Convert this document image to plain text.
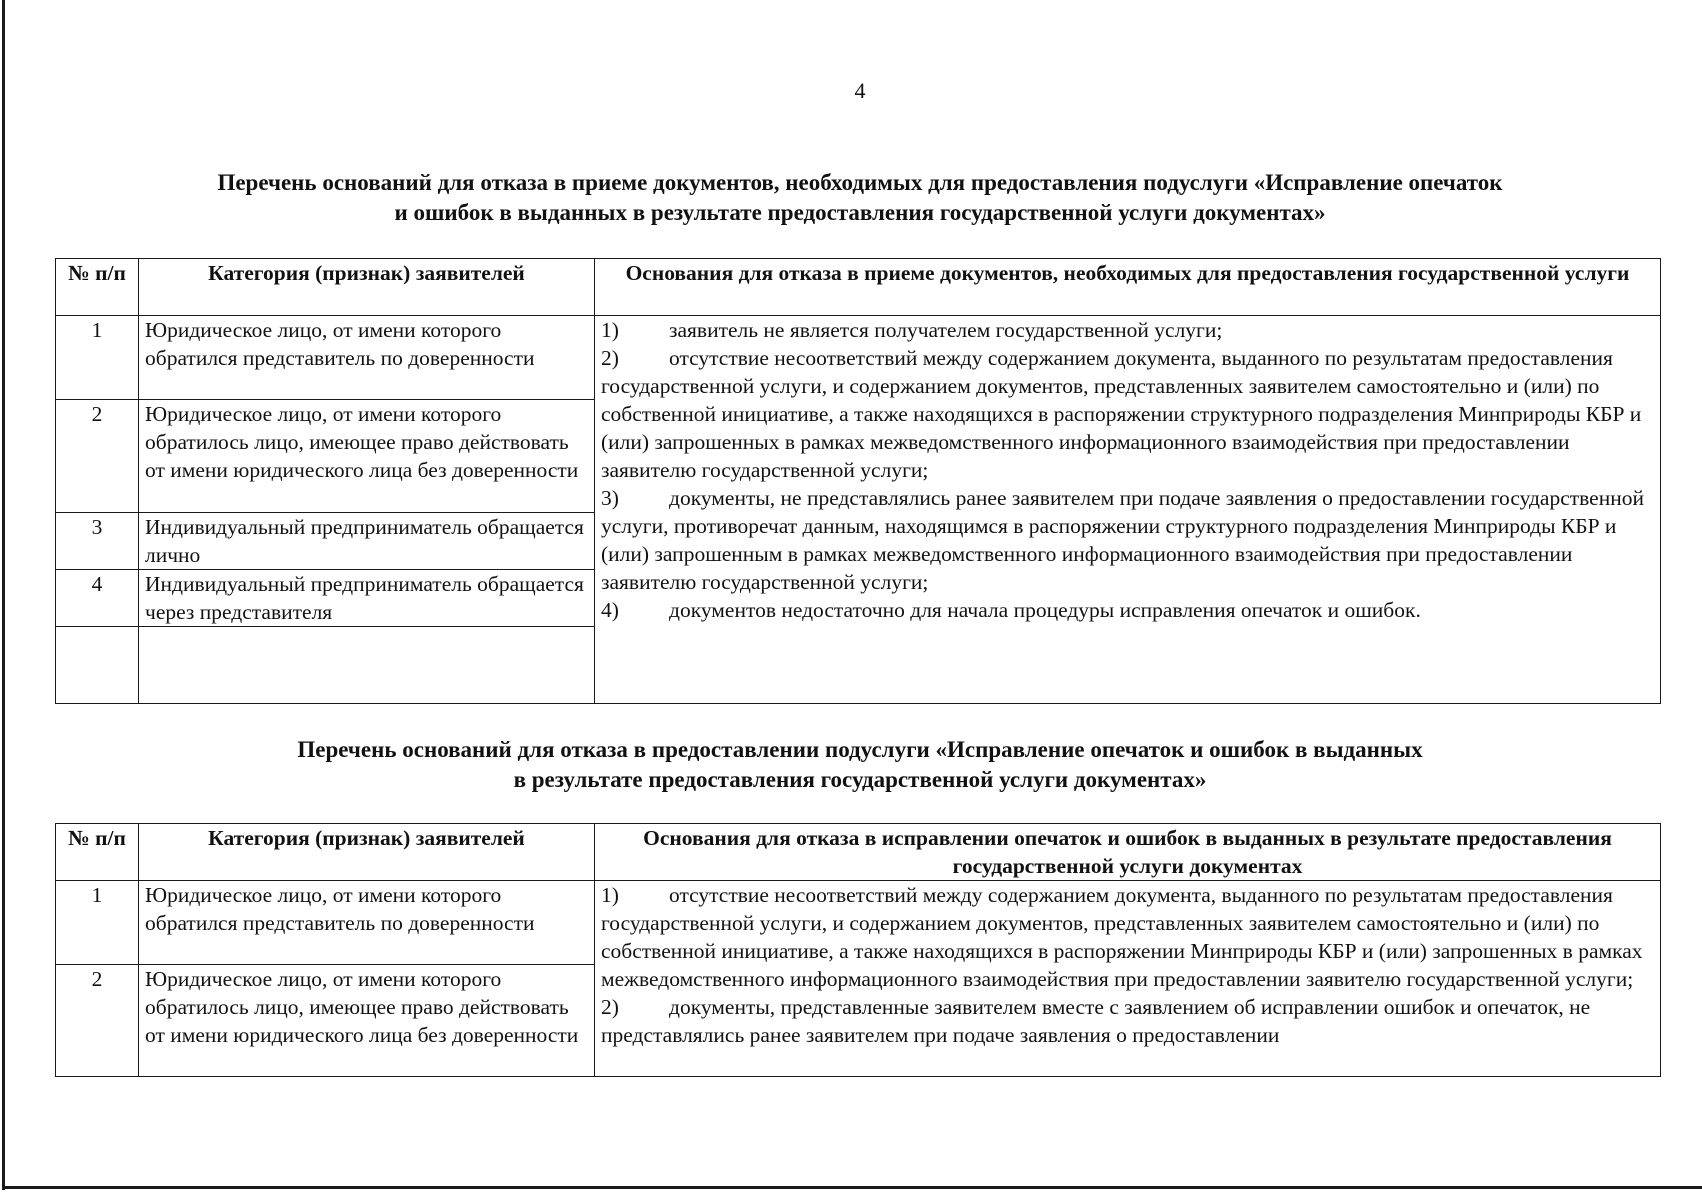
4
Перечень оснований для отказа в приеме документов, необходимых для предоставления подуслуги «Исправление опечаток
и ошибок в выданных в результате предоставления государственной услуги документах»
№ п/п	Категория (признак) заявителей	Основания для отказа в приеме документов, необходимых для предоставления государственной услуги
1	Юридическое лицо, от имени которого обратился представитель по доверенности	1) заявитель не является получателем государственной услуги;
2) отсутствие несоответствий между содержанием документа, выданного по результатам предоставления государственной услуги, и содержанием документов, представленных заявителем самостоятельно и (или) по собственной инициативе, а также находящихся в распоряжении структурного подразделения Минприроды КБР и (или) запрошенных в рамках межведомственного информационного взаимодействия при предоставлении заявителю государственной услуги;
3) документы, не представлялись ранее заявителем при подаче заявления о предоставлении государственной услуги, противоречат данным, находящимся в распоряжении структурного подразделения Минприроды КБР и (или) запрошенным в рамках межведомственного информационного взаимодействия при предоставлении заявителю государственной услуги;
4) документов недостаточно для начала процедуры исправления опечаток и ошибок.

2	Юридическое лицо, от имени которого обратилось лицо, имеющее право действовать от имени юридического лица без доверенности	
3	Индивидуальный предприниматель обращается лично	
4	Индивидуальный предприниматель обращается через представителя	

Перечень оснований для отказа в предоставлении подуслуги «Исправление опечаток и ошибок в выданных
в результате предоставления государственной услуги документах»
№ п/п	Категория (признак) заявителей	Основания для отказа в исправлении опечаток и ошибок в выданных в результате предоставления государственной услуги документах
1	Юридическое лицо, от имени которого обратился представитель по доверенности	1) отсутствие несоответствий между содержанием документа, выданного по результатам предоставления государственной услуги, и содержанием документов, представленных заявителем самостоятельно и (или) по собственной инициативе, а также находящихся в распоряжении Минприроды КБР и (или) запрошенных в рамках межведомственного информационного взаимодействия при предоставлении заявителю государственной услуги;
2) документы, представленные заявителем вместе с заявлением об исправлении ошибок и опечаток, не представлялись ранее заявителем при подаче заявления о предоставлении

2	Юридическое лицо, от имени которого обратилось лицо, имеющее право действовать от имени юридического лица без доверенности	
